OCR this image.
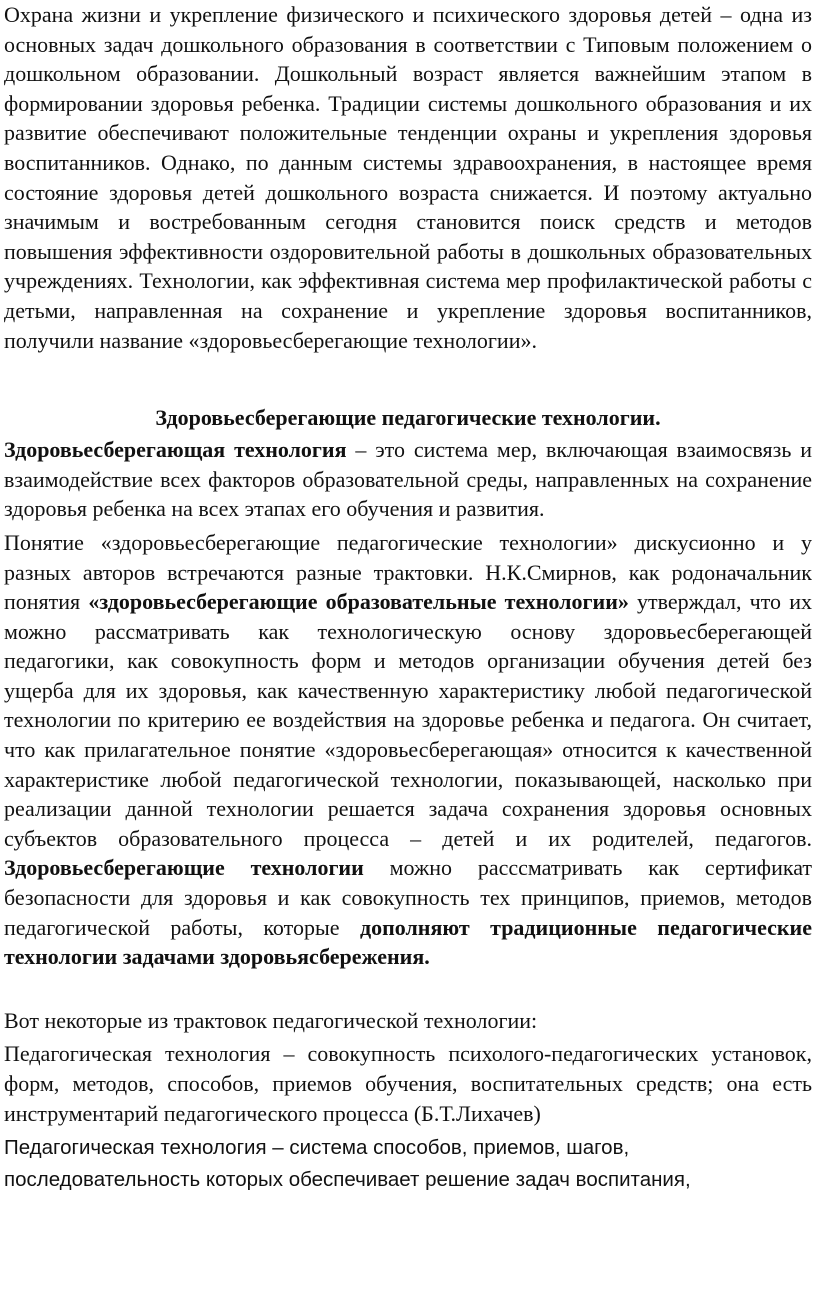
Охрана жизни и укрепление физического и психического здоровья детей – одна из основных задач дошкольного образования в соответствии с Типовым положением о дошкольном образовании. Дошкольный возраст является важнейшим этапом в формировании здоровья ребенка. Традиции системы дошкольного образования и их развитие обеспечивают положительные тенденции охраны и укрепления здоровья воспитанников. Однако, по данным системы здравоохранения, в настоящее время состояние здоровья детей дошкольного возраста снижается. И поэтому актуально значимым и востребованным сегодня становится поиск средств и методов повышения эффективности оздоровительной работы в дошкольных образовательных учреждениях. Технологии, как эффективная система мер профилактической работы с детьми, направленная на сохранение и укрепление здоровья воспитанников, получили название «здоровьесберегающие технологии».

Здоровьесберегающие педагогические технологии.

Здоровьесберегающая технология – это система мер, включающая взаимосвязь и взаимодействие всех факторов образовательной среды, направленных на сохранение здоровья ребенка на всех этапах его обучения и развития.

Понятие «здоровьесберегающие педагогические технологии» дискусионно и у разных авторов встречаются разные трактовки. Н.К.Смирнов, как родоначальник понятия «здоровьесберегающие образовательные технологии» утверждал, что их можно рассматривать как технологическую основу здоровьесберегающей педагогики, как совокупность форм и методов организации обучения детей без ущерба для их здоровья, как качественную характеристику любой педагогической технологии по критерию ее воздействия на здоровье ребенка и педагога. Он считает, что как прилагательное понятие «здоровьесберегающая» относится к качественной характеристике любой педагогической технологии, показывающей, насколько при реализации данной технологии решается задача сохранения здоровья основных субъектов образовательного процесса – детей и их родителей, педагогов. Здоровьесберегающие технологии можно расссматривать как сертификат безопасности для здоровья и как совокупность тех принципов, приемов, методов педагогической работы, которые дополняют традиционные педагогические технологии задачами здоровьясбережения.

Вот некоторые из трактовок педагогической технологии:

Педагогическая технология – совокупность психолого-педагогических установок, форм, методов, способов, приемов обучения, воспитательных средств; она есть инструментарий педагогического процесса (Б.Т.Лихачев)

Педагогическая технология – система способов, приемов, шагов, последовательность которых обеспечивает решение задач воспитания,
